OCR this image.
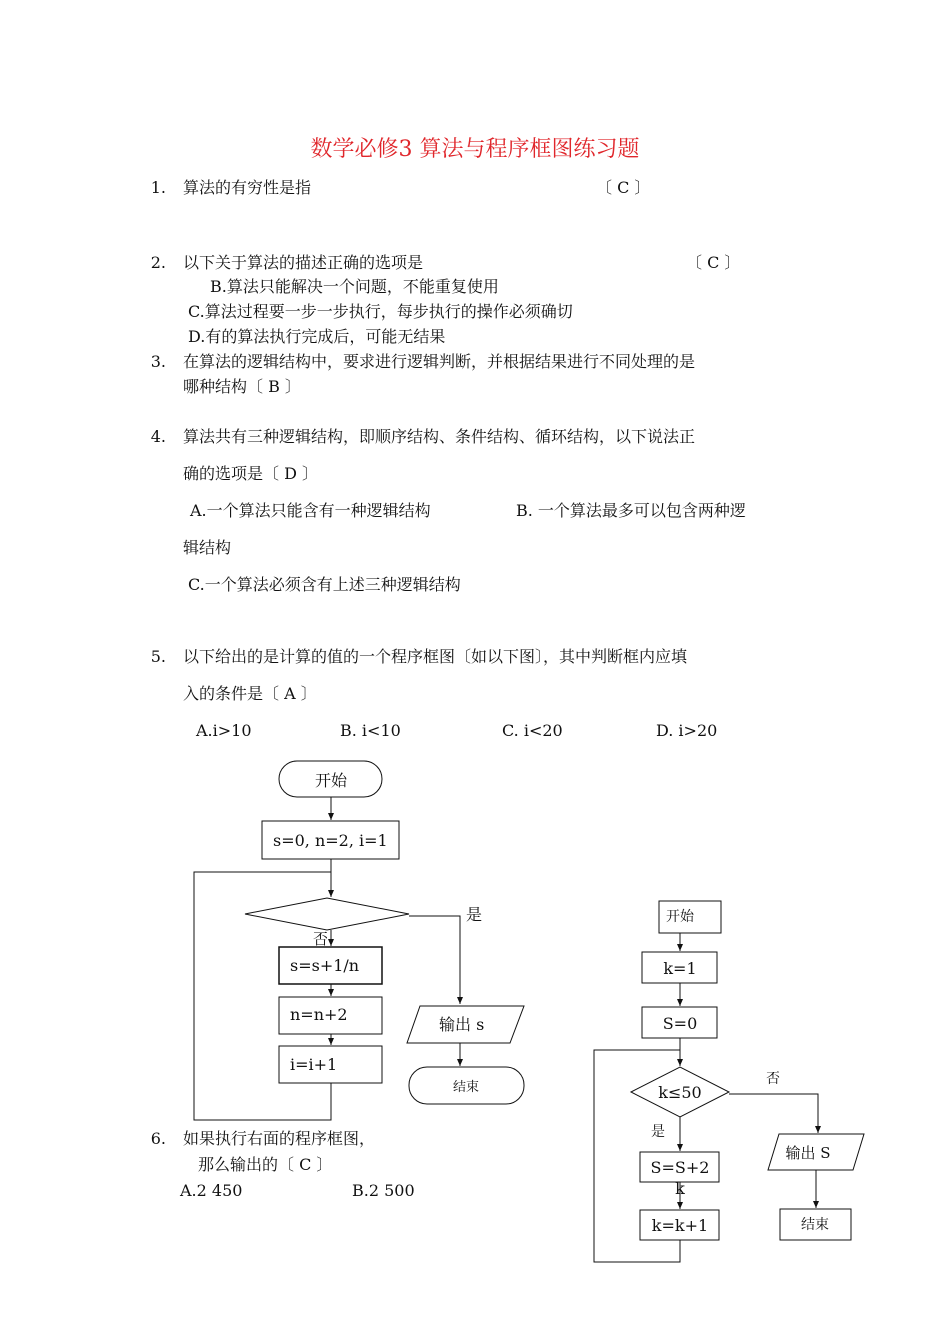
数学必修3 算法与程序框图练习题
1. 算法的有穷性是指	〔 C 〕
2. 以下关于算法的描述正确的选项是	〔 C 〕
B.算法只能解决一个问题，不能重复使用
C.算法过程要一步一步执行，每步执行的操作必须确切
D.有的算法执行完成后，可能无结果
3. 在算法的逻辑结构中，要求进行逻辑判断，并根据结果进行不同处理的是
哪种结构〔 B 〕
4. 算法共有三种逻辑结构，即顺序结构、条件结构、循环结构，以下说法正
确的选项是〔 D 〕
A.一个算法只能含有一种逻辑结构	B. 一个算法最多可以包含两种逻
辑结构
C.一个算法必须含有上述三种逻辑结构
5. 以下给出的是计算的值的一个程序框图〔如以下图〕，其中判断框内应填
入的条件是〔 A 〕
A.i>10	B. i<10	C. i<20	D. i>20
6. 如果执行右面的程序框图，
那么输出的〔 C 〕
A.2 450	B.2 500
开始
s=0, n=2, i=1
是
否
s=s+1/n
n=n+2
i=i+1
输出 s
结束
开始
k=1
S=0
k≤50
否
是
S=S+2
k
k=k+1
输出 S
结束
